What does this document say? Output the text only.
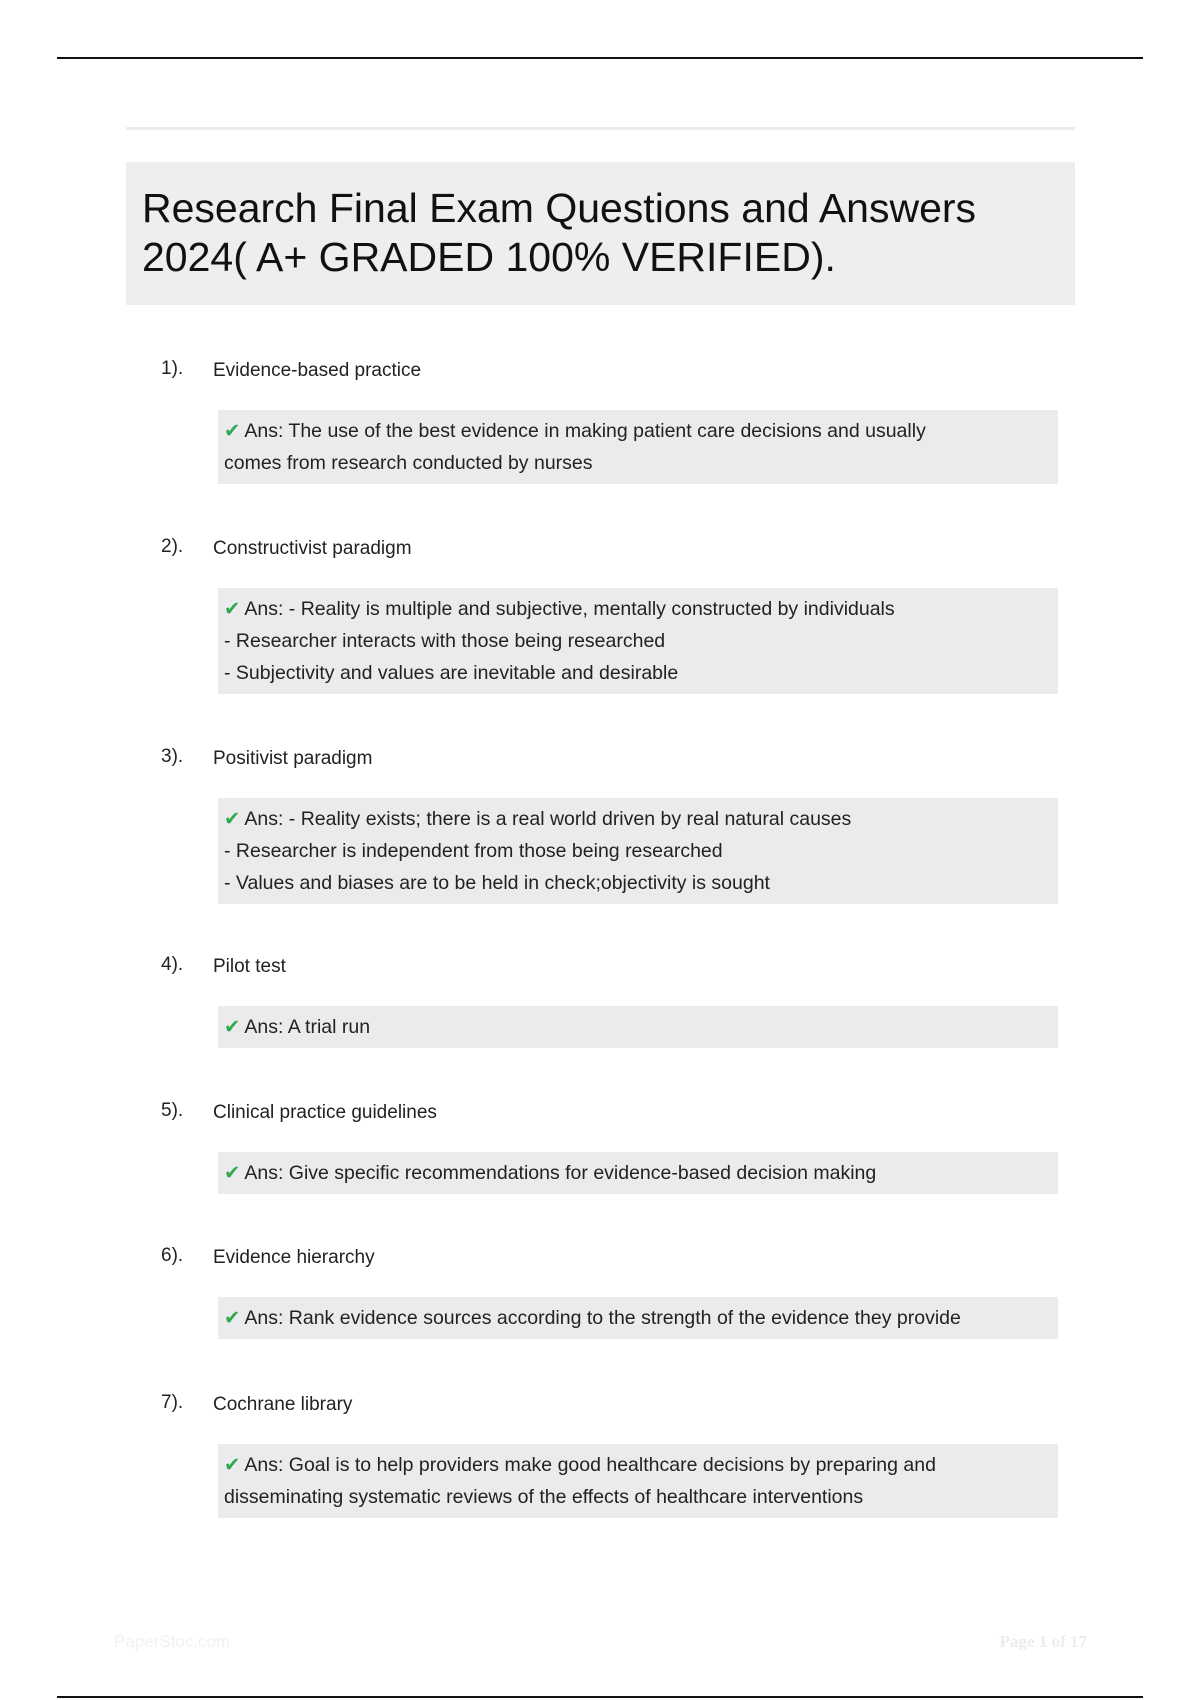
Research Final Exam Questions and Answers 2024( A+ GRADED 100% VERIFIED).
1). Evidence-based practice
✔ Ans: The use of the best evidence in making patient care decisions and usually
comes from research conducted by nurses
2). Constructivist paradigm
✔ Ans: - Reality is multiple and subjective, mentally constructed by individuals
- Researcher interacts with those being researched
- Subjectivity and values are inevitable and desirable
3). Positivist paradigm
✔ Ans: - Reality exists; there is a real world driven by real natural causes
- Researcher is independent from those being researched
- Values and biases are to be held in check;objectivity is sought
4). Pilot test
✔ Ans: A trial run
5). Clinical practice guidelines
✔ Ans: Give specific recommendations for evidence-based decision making
6). Evidence hierarchy
✔ Ans: Rank evidence sources according to the strength of the evidence they provide
7). Cochrane library
✔ Ans: Goal is to help providers make good healthcare decisions by preparing and
disseminating systematic reviews of the effects of healthcare interventions
PaperStoc.com	Page 1 of 17
